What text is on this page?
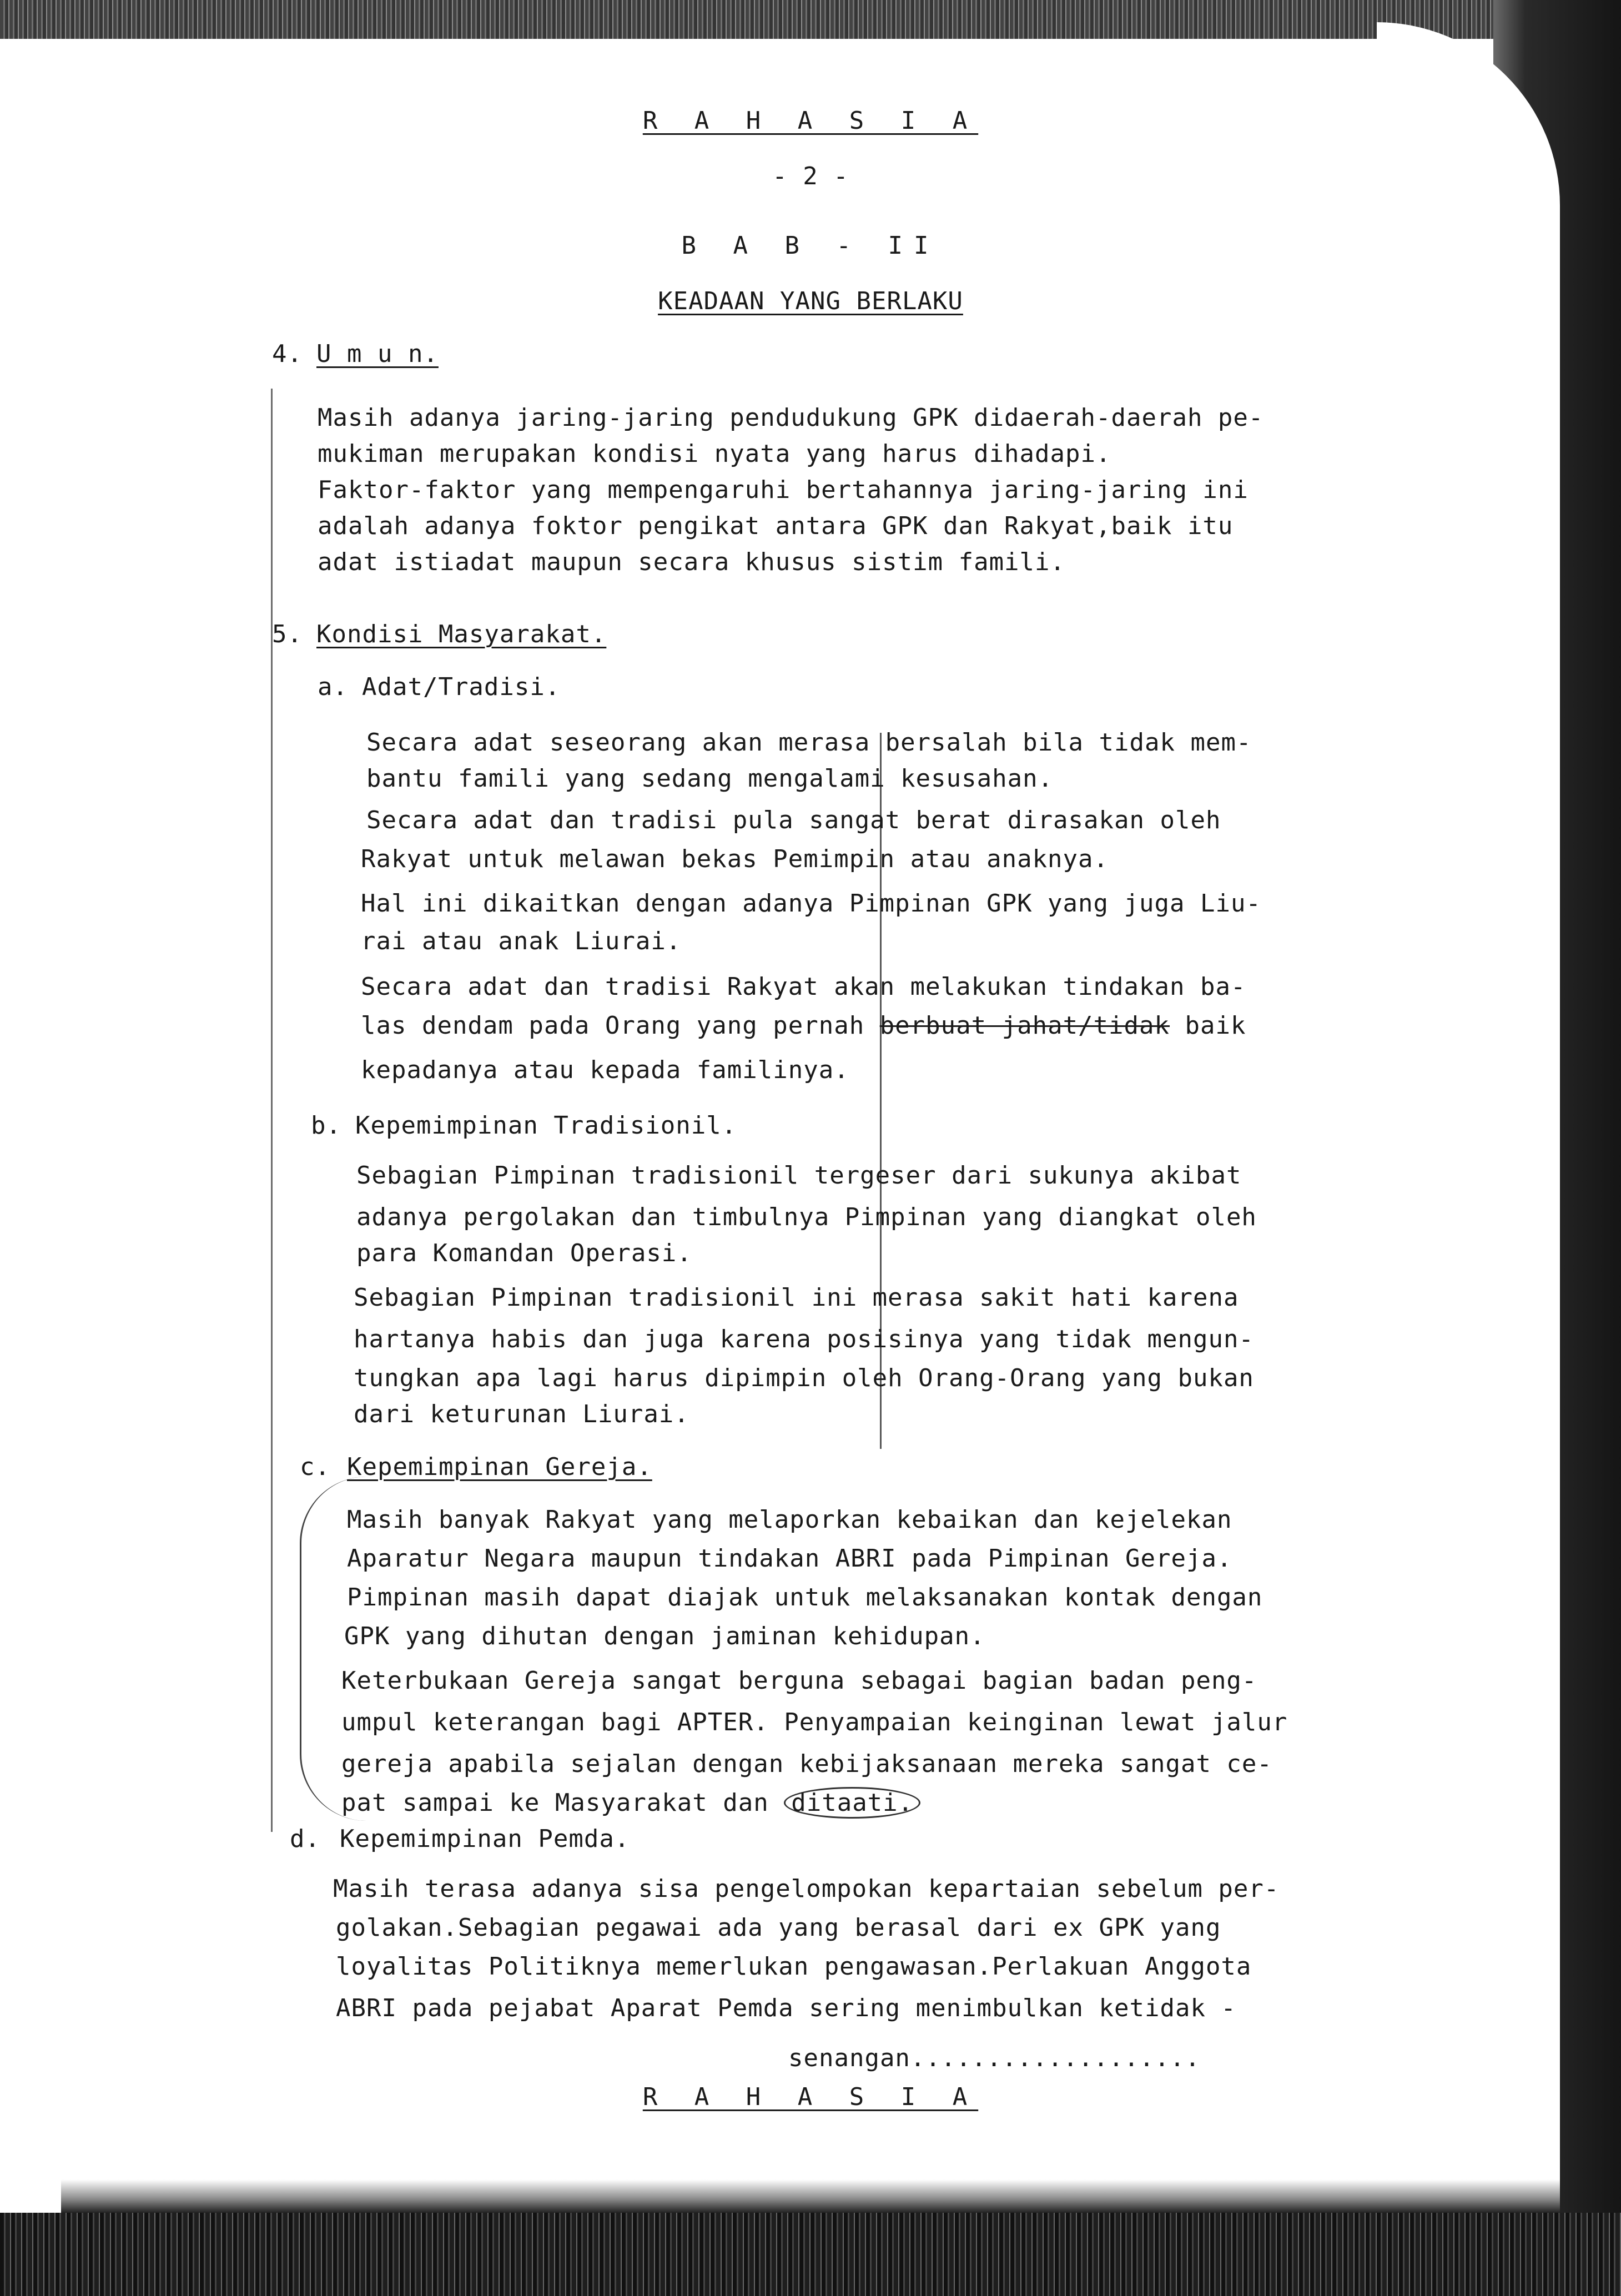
R A H A S I A
- 2 -
B A B - II
KEADAAN YANG BERLAKU
4. U m u n.
Masih adanya jaring-jaring pendudukung GPK didaerah-daerah pe-
mukiman merupakan kondisi nyata yang harus dihadapi.
Faktor-faktor yang mempengaruhi bertahannya jaring-jaring ini
adalah adanya foktor pengikat antara GPK dan Rakyat,baik itu
adat istiadat maupun secara khusus sistim famili.
5. Kondisi Masyarakat.
a. Adat/Tradisi.
Secara adat seseorang akan merasa bersalah bila tidak mem-
bantu famili yang sedang mengalami kesusahan.
Secara adat dan tradisi pula sangat berat dirasakan oleh
Rakyat untuk melawan bekas Pemimpin atau anaknya.
Hal ini dikaitkan dengan adanya Pimpinan GPK yang juga Liu-
rai atau anak Liurai.
Secara adat dan tradisi Rakyat akan melakukan tindakan ba-
las dendam pada Orang yang pernah berbuat jahat/tidak baik
kepadanya atau kepada familinya.
b. Kepemimpinan Tradisionil.
Sebagian Pimpinan tradisionil tergeser dari sukunya akibat
adanya pergolakan dan timbulnya Pimpinan yang diangkat oleh
para Komandan Operasi.
Sebagian Pimpinan tradisionil ini merasa sakit hati karena
hartanya habis dan juga karena posisinya yang tidak mengun-
tungkan apa lagi harus dipimpin oleh Orang-Orang yang bukan
dari keturunan Liurai.
c. Kepemimpinan Gereja.
Masih banyak Rakyat yang melaporkan kebaikan dan kejelekan
Aparatur Negara maupun tindakan ABRI pada Pimpinan Gereja.
Pimpinan masih dapat diajak untuk melaksanakan kontak dengan
GPK yang dihutan dengan jaminan kehidupan.
Keterbukaan Gereja sangat berguna sebagai bagian badan peng-
umpul keterangan bagi APTER. Penyampaian keinginan lewat jalur
gereja apabila sejalan dengan kebijaksanaan mereka sangat ce-
pat sampai ke Masyarakat dan ditaati.
d. Kepemimpinan Pemda.
Masih terasa adanya sisa pengelompokan kepartaian sebelum per-
golakan.Sebagian pegawai ada yang berasal dari ex GPK yang
loyalitas Politiknya memerlukan pengawasan.Perlakuan Anggota
ABRI pada pejabat Aparat Pemda sering menimbulkan ketidak -
senangan...................
R A H A S I A
